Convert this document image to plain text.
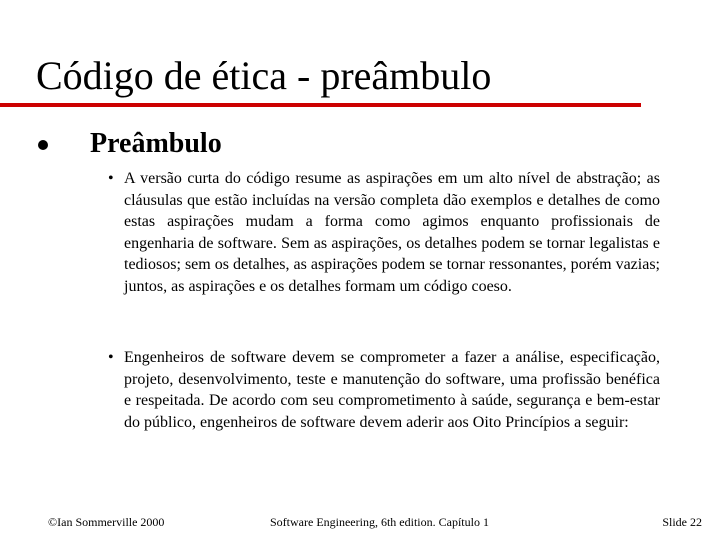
Código de ética - preâmbulo
Preâmbulo
• A versão curta do código resume as aspirações em um alto nível de abstração; as cláusulas que estão incluídas na versão completa dão exemplos e detalhes de como estas aspirações mudam a forma como agimos enquanto profissionais de engenharia de software. Sem as aspirações, os detalhes podem se tornar legalistas e tediosos; sem os detalhes, as aspirações podem se tornar ressonantes, porém vazias; juntos, as aspirações e os detalhes formam um código coeso.

• Engenheiros de software devem se comprometer a fazer a análise, especificação, projeto, desenvolvimento, teste e manutenção do software, uma profissão benéfica e respeitada. De acordo com seu comprometimento à saúde, segurança e bem-estar do público, engenheiros de software devem aderir aos Oito Princípios a seguir:

©Ian Sommerville 2000	Software Engineering, 6th edition. Capítulo 1	Slide 22
